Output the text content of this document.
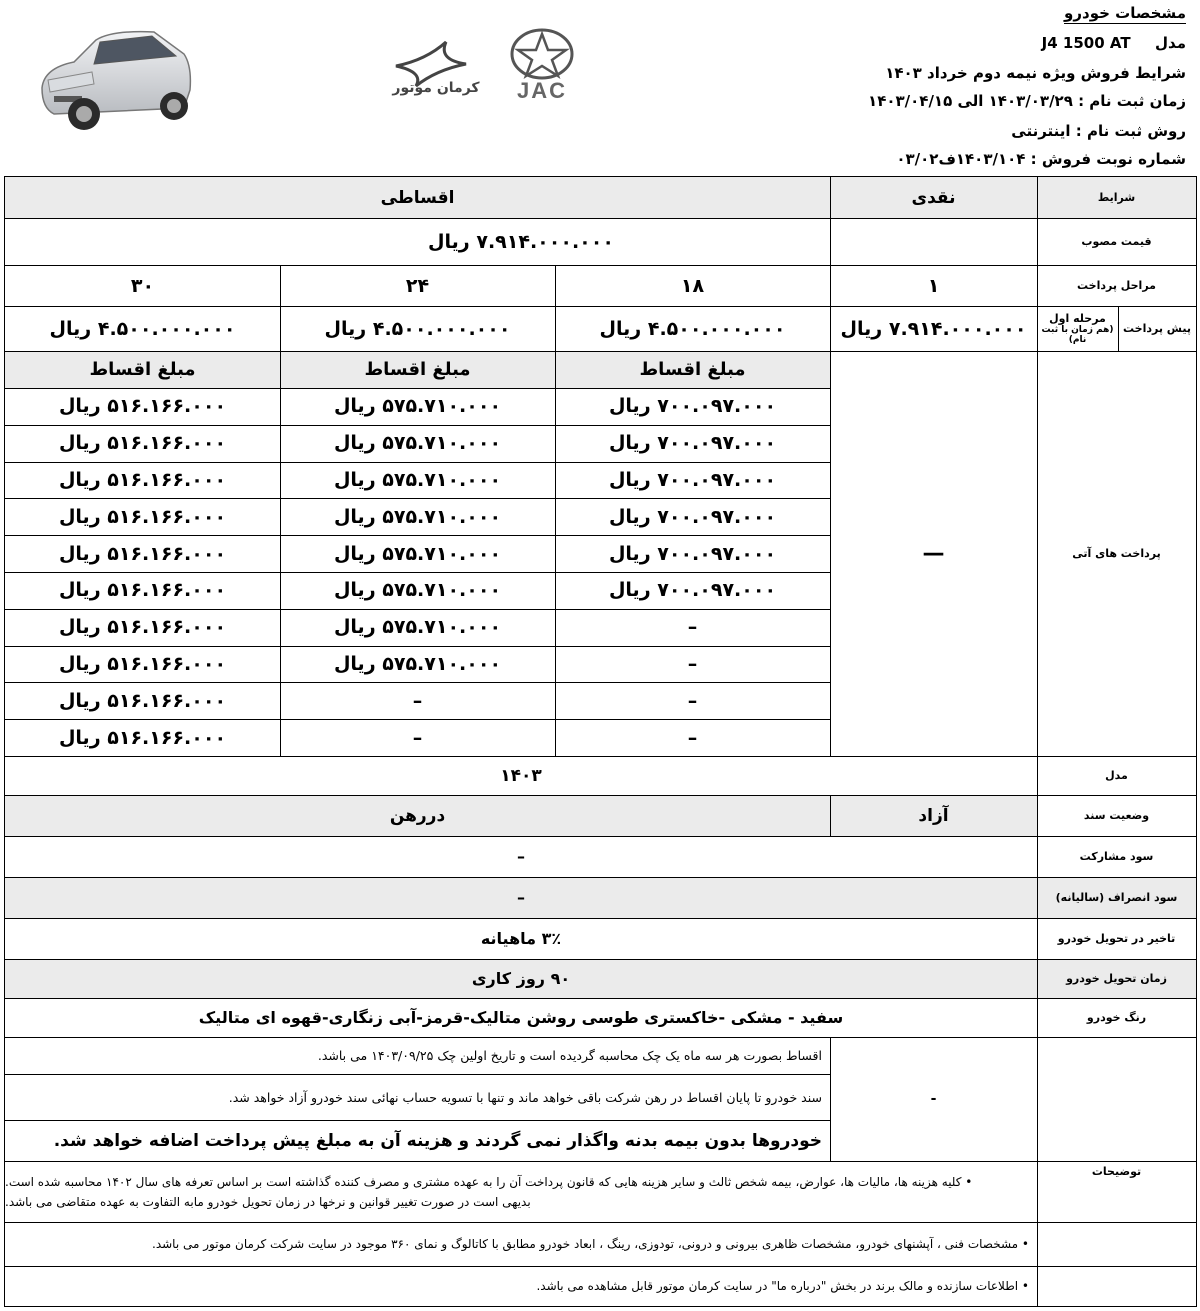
کرمان موتور	JAC
مشخصات خودرو
مدل  J4 1500 AT
شرایط فروش ویژه نیمه دوم خرداد ۱۴۰۳
زمان ثبت نام : ۱۴۰۳/۰۳/۲۹ الی ۱۴۰۳/۰۴/۱۵
روش ثبت نام : اینترنتی
شماره نوبت فروش : ۱۴۰۳/۱۰۴ف۰۳/۰۲
شرایط
نقدی
اقساطی
قیمت مصوب
۷.۹۱۴.۰۰۰.۰۰۰ ریال
مراحل پرداخت
۱
۱۸
۲۴
۳۰
پیش پرداخت
مرحله اول
(هم زمان با ثبت نام)
۷.۹۱۴.۰۰۰.۰۰۰ ریال
۴.۵۰۰.۰۰۰.۰۰۰ ریال
۴.۵۰۰.۰۰۰.۰۰۰ ریال
۴.۵۰۰.۰۰۰.۰۰۰ ریال
پرداخت های آتی
—
مبلغ اقساط
مبلغ اقساط
مبلغ اقساط
۷۰۰.۰۹۷.۰۰۰ ریال
۵۷۵.۷۱۰.۰۰۰ ریال
۵۱۶.۱۶۶.۰۰۰ ریال
۷۰۰.۰۹۷.۰۰۰ ریال
۵۷۵.۷۱۰.۰۰۰ ریال
۵۱۶.۱۶۶.۰۰۰ ریال
۷۰۰.۰۹۷.۰۰۰ ریال
۵۷۵.۷۱۰.۰۰۰ ریال
۵۱۶.۱۶۶.۰۰۰ ریال
۷۰۰.۰۹۷.۰۰۰ ریال
۵۷۵.۷۱۰.۰۰۰ ریال
۵۱۶.۱۶۶.۰۰۰ ریال
۷۰۰.۰۹۷.۰۰۰ ریال
۵۷۵.۷۱۰.۰۰۰ ریال
۵۱۶.۱۶۶.۰۰۰ ریال
۷۰۰.۰۹۷.۰۰۰ ریال
۵۷۵.۷۱۰.۰۰۰ ریال
۵۱۶.۱۶۶.۰۰۰ ریال
–
۵۷۵.۷۱۰.۰۰۰ ریال
۵۱۶.۱۶۶.۰۰۰ ریال
–
۵۷۵.۷۱۰.۰۰۰ ریال
۵۱۶.۱۶۶.۰۰۰ ریال
–
–
۵۱۶.۱۶۶.۰۰۰ ریال
–
–
۵۱۶.۱۶۶.۰۰۰ ریال
مدل
۱۴۰۳
وضعیت سند
آزاد
دررهن
سود مشارکت
–
سود انصراف (سالیانه)
–
تاخیر در تحویل خودرو
۳٪ ماهیانه
زمان تحویل خودرو
۹۰ روز کاری
رنگ خودرو
سفید - مشکی -خاکستری طوسی روشن متالیک-قرمز-آبی زنگاری-قهوه ای متالیک
توضیحات
-
اقساط بصورت هر سه ماه یک چک محاسبه گردیده است و تاریخ اولین چک ۱۴۰۳/۰۹/۲۵ می باشد.
سند خودرو تا پایان اقساط در رهن شرکت باقی خواهد ماند و تنها با تسویه حساب نهائی سند خودرو آزاد خواهد شد.
خودروها بدون بیمه بدنه واگذار نمی گردند و هزینه آن به مبلغ پیش پرداخت اضافه خواهد شد.
• کلیه هزینه ها، مالیات ها، عوارض، بیمه شخص ثالث و سایر هزینه هایی که قانون پرداخت آن را به عهده مشتری و مصرف کننده گذاشته است بر اساس تعرفه های سال ۱۴۰۲ محاسبه شده است.
بدیهی است در صورت تغییر قوانین و نرخها در زمان تحویل خودرو مابه التفاوت به عهده متقاضی می باشد.
• مشخصات فنی ، آپشنهای خودرو، مشخصات ظاهری بیرونی و درونی، تودوزی، رینگ ، ابعاد خودرو مطابق با کاتالوگ و نمای ۳۶۰ موجود در سایت شرکت کرمان موتور می باشد.
• اطلاعات سازنده و مالک برند در بخش "درباره ما" در سایت کرمان موتور قابل مشاهده می باشد.
